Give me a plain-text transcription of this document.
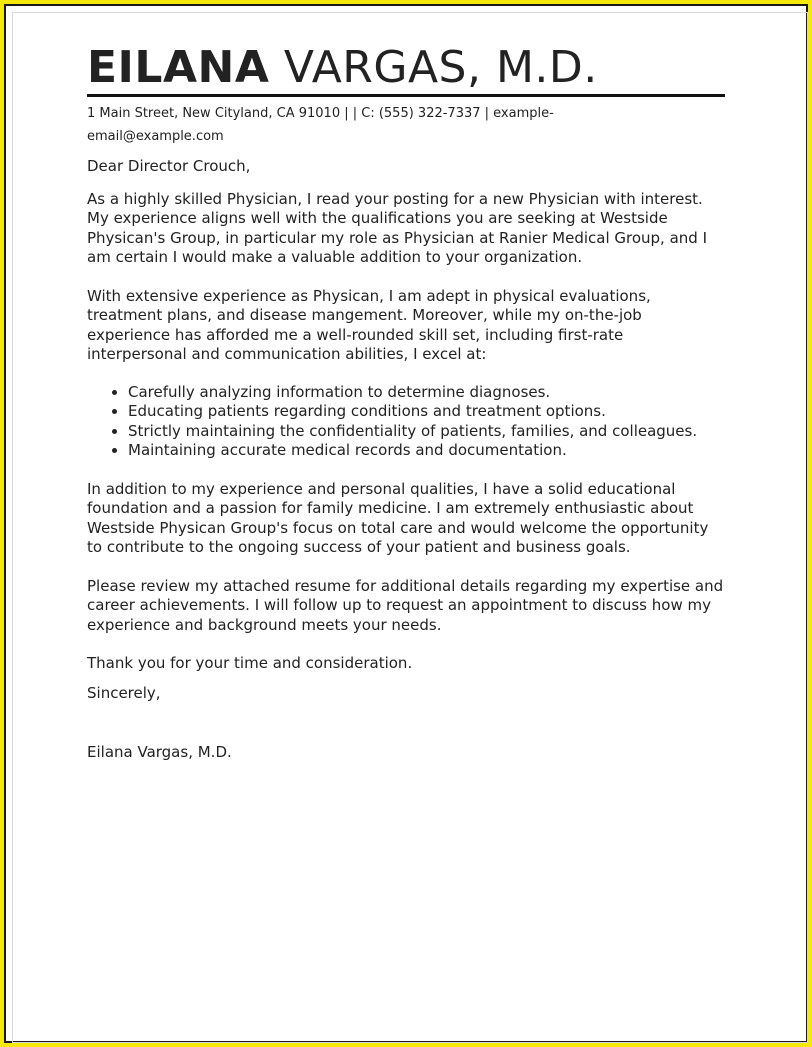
EILANA VARGAS, M.D.
1 Main Street, New Cityland, CA 91010 | | C: (555) 322-7337 | example-email@example.com

Dear Director Crouch,

As a highly skilled Physician, I read your posting for a new Physician with interest. My experience aligns well with the qualifications you are seeking at Westside Physican's Group, in particular my role as Physician at Ranier Medical Group, and I am certain I would make a valuable addition to your organization.

With extensive experience as Physican, I am adept in physical evaluations, treatment plans, and disease mangement. Moreover, while my on-the-job experience has afforded me a well-rounded skill set, including first-rate interpersonal and communication abilities, I excel at:

• Carefully analyzing information to determine diagnoses.
• Educating patients regarding conditions and treatment options.
• Strictly maintaining the confidentiality of patients, families, and colleagues.
• Maintaining accurate medical records and documentation.

In addition to my experience and personal qualities, I have a solid educational foundation and a passion for family medicine. I am extremely enthusiastic about Westside Physican Group's focus on total care and would welcome the opportunity to contribute to the ongoing success of your patient and business goals.

Please review my attached resume for additional details regarding my expertise and career achievements. I will follow up to request an appointment to discuss how my experience and background meets your needs.

Thank you for your time and consideration.

Sincerely,

Eilana Vargas, M.D.
